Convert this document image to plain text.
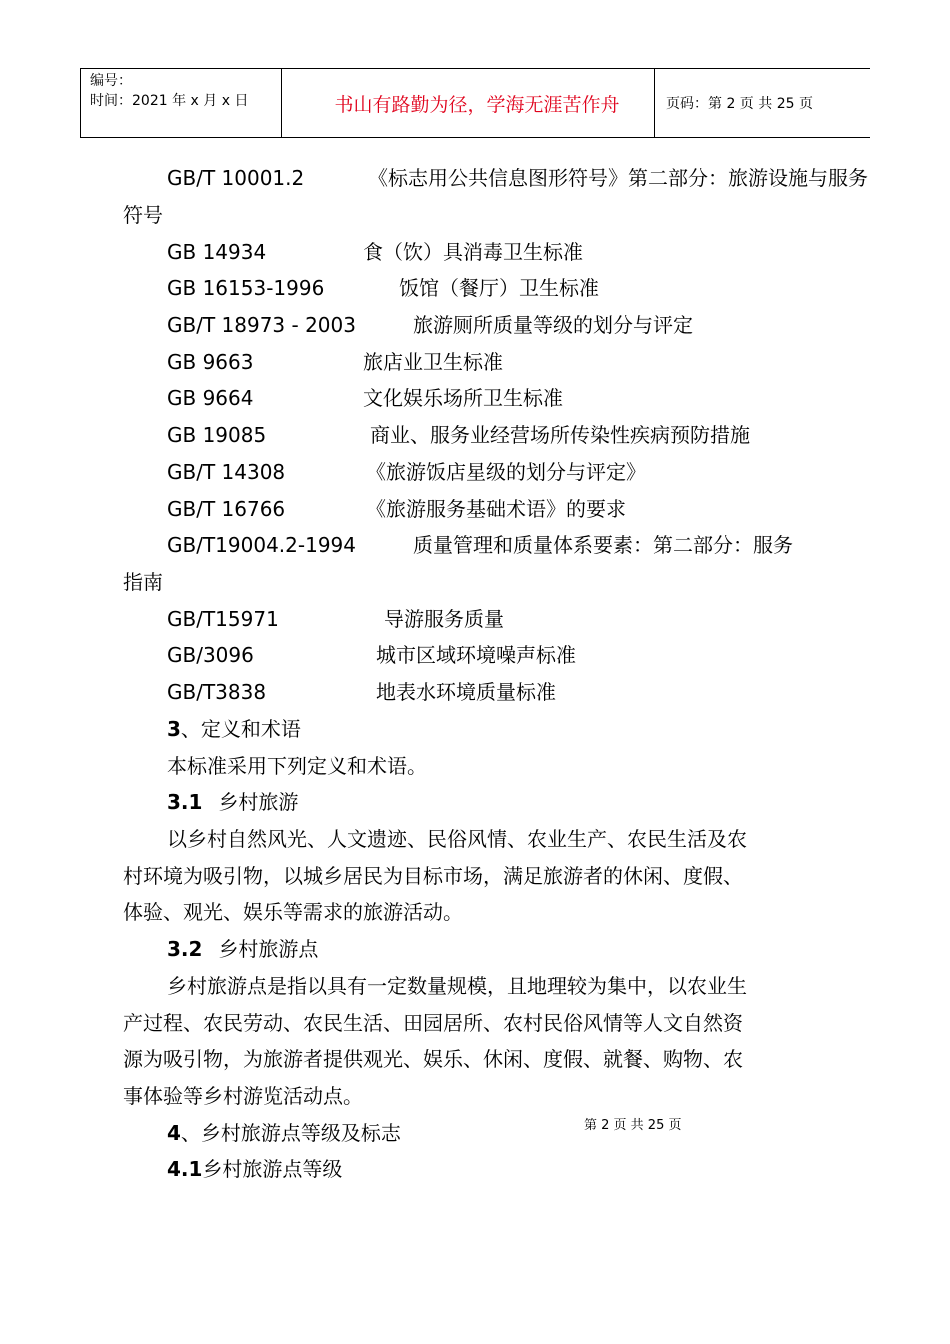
编号：
时间：2021 年 x 月 x 日	书山有路勤为径，学海无涯苦作舟	页码：第 2 页 共 25 页
GB/T 10001.2	《标志用公共信息图形符号》第二部分：旅游设施与服务
符号
GB 14934	食（饮）具消毒卫生标准
GB 16153-1996	饭馆（餐厅）卫生标准
GB/T 18973 - 2003	旅游厕所质量等级的划分与评定
GB 9663	旅店业卫生标准
GB 9664	文化娱乐场所卫生标准
GB 19085	商业、服务业经营场所传染性疾病预防措施
GB/T 14308	《旅游饭店星级的划分与评定》
GB/T 16766	《旅游服务基础术语》的要求
GB/T19004.2-1994	质量管理和质量体系要素：第二部分：服务
指南
GB/T15971	导游服务质量
GB/3096	城市区域环境噪声标准
GB/T3838	地表水环境质量标准
3、定义和术语
本标准采用下列定义和术语。
3.1 乡村旅游
以乡村自然风光、人文遗迹、民俗风情、农业生产、农民生活及农
村环境为吸引物，以城乡居民为目标市场，满足旅游者的休闲、度假、
体验、观光、娱乐等需求的旅游活动。
3.2 乡村旅游点
乡村旅游点是指以具有一定数量规模，且地理较为集中，以农业生
产过程、农民劳动、农民生活、田园居所、农村民俗风情等人文自然资
源为吸引物，为旅游者提供观光、娱乐、休闲、度假、就餐、购物、农
事体验等乡村游览活动点。
第 2 页 共 25 页
4、乡村旅游点等级及标志
4.1乡村旅游点等级
